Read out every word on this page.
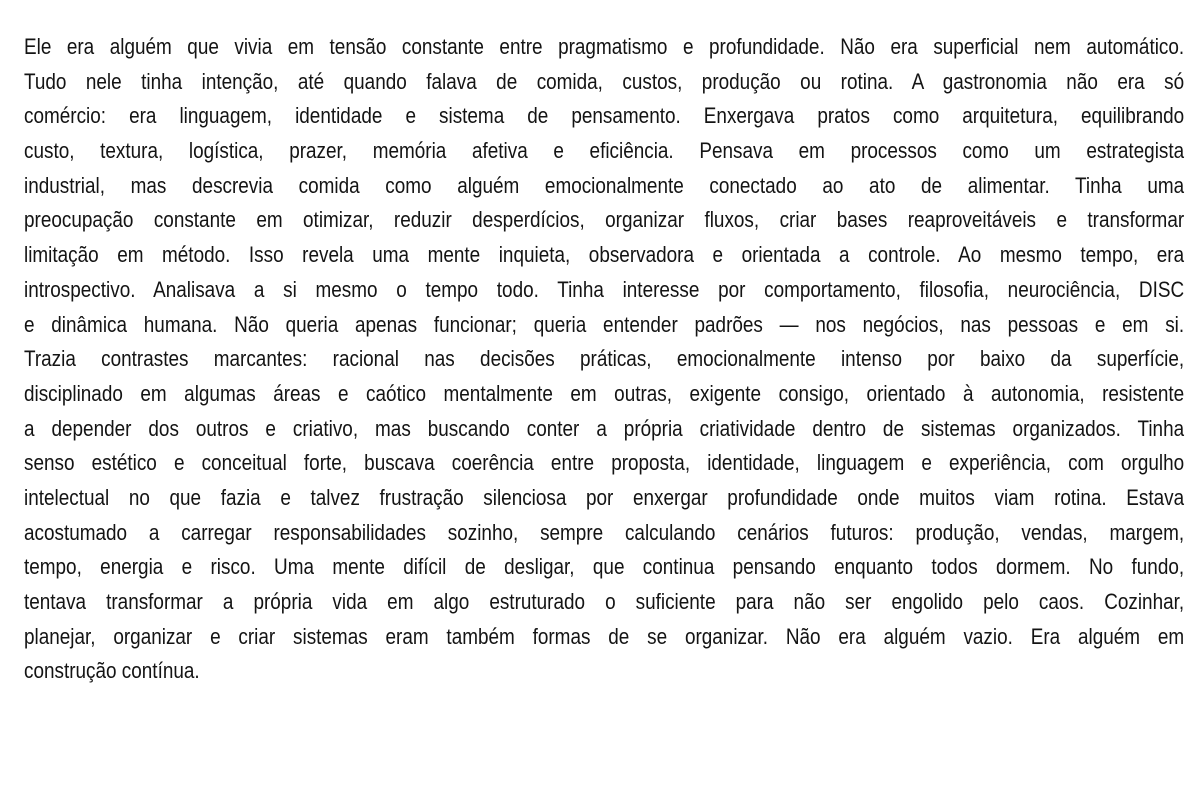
Ele era alguém que vivia em tensão constante entre pragmatismo e profundidade. Não era superficial nem automático.
Tudo nele tinha intenção, até quando falava de comida, custos, produção ou rotina. A gastronomia não era só
comércio: era linguagem, identidade e sistema de pensamento. Enxergava pratos como arquitetura, equilibrando
custo, textura, logística, prazer, memória afetiva e eficiência. Pensava em processos como um estrategista
industrial, mas descrevia comida como alguém emocionalmente conectado ao ato de alimentar. Tinha uma
preocupação constante em otimizar, reduzir desperdícios, organizar fluxos, criar bases reaproveitáveis e transformar
limitação em método. Isso revela uma mente inquieta, observadora e orientada a controle. Ao mesmo tempo, era
introspectivo. Analisava a si mesmo o tempo todo. Tinha interesse por comportamento, filosofia, neurociência, DISC
e dinâmica humana. Não queria apenas funcionar; queria entender padrões — nos negócios, nas pessoas e em si.
Trazia contrastes marcantes: racional nas decisões práticas, emocionalmente intenso por baixo da superfície,
disciplinado em algumas áreas e caótico mentalmente em outras, exigente consigo, orientado à autonomia, resistente
a depender dos outros e criativo, mas buscando conter a própria criatividade dentro de sistemas organizados. Tinha
senso estético e conceitual forte, buscava coerência entre proposta, identidade, linguagem e experiência, com orgulho
intelectual no que fazia e talvez frustração silenciosa por enxergar profundidade onde muitos viam rotina. Estava
acostumado a carregar responsabilidades sozinho, sempre calculando cenários futuros: produção, vendas, margem,
tempo, energia e risco. Uma mente difícil de desligar, que continua pensando enquanto todos dormem. No fundo,
tentava transformar a própria vida em algo estruturado o suficiente para não ser engolido pelo caos. Cozinhar,
planejar, organizar e criar sistemas eram também formas de se organizar. Não era alguém vazio. Era alguém em
construção contínua.
